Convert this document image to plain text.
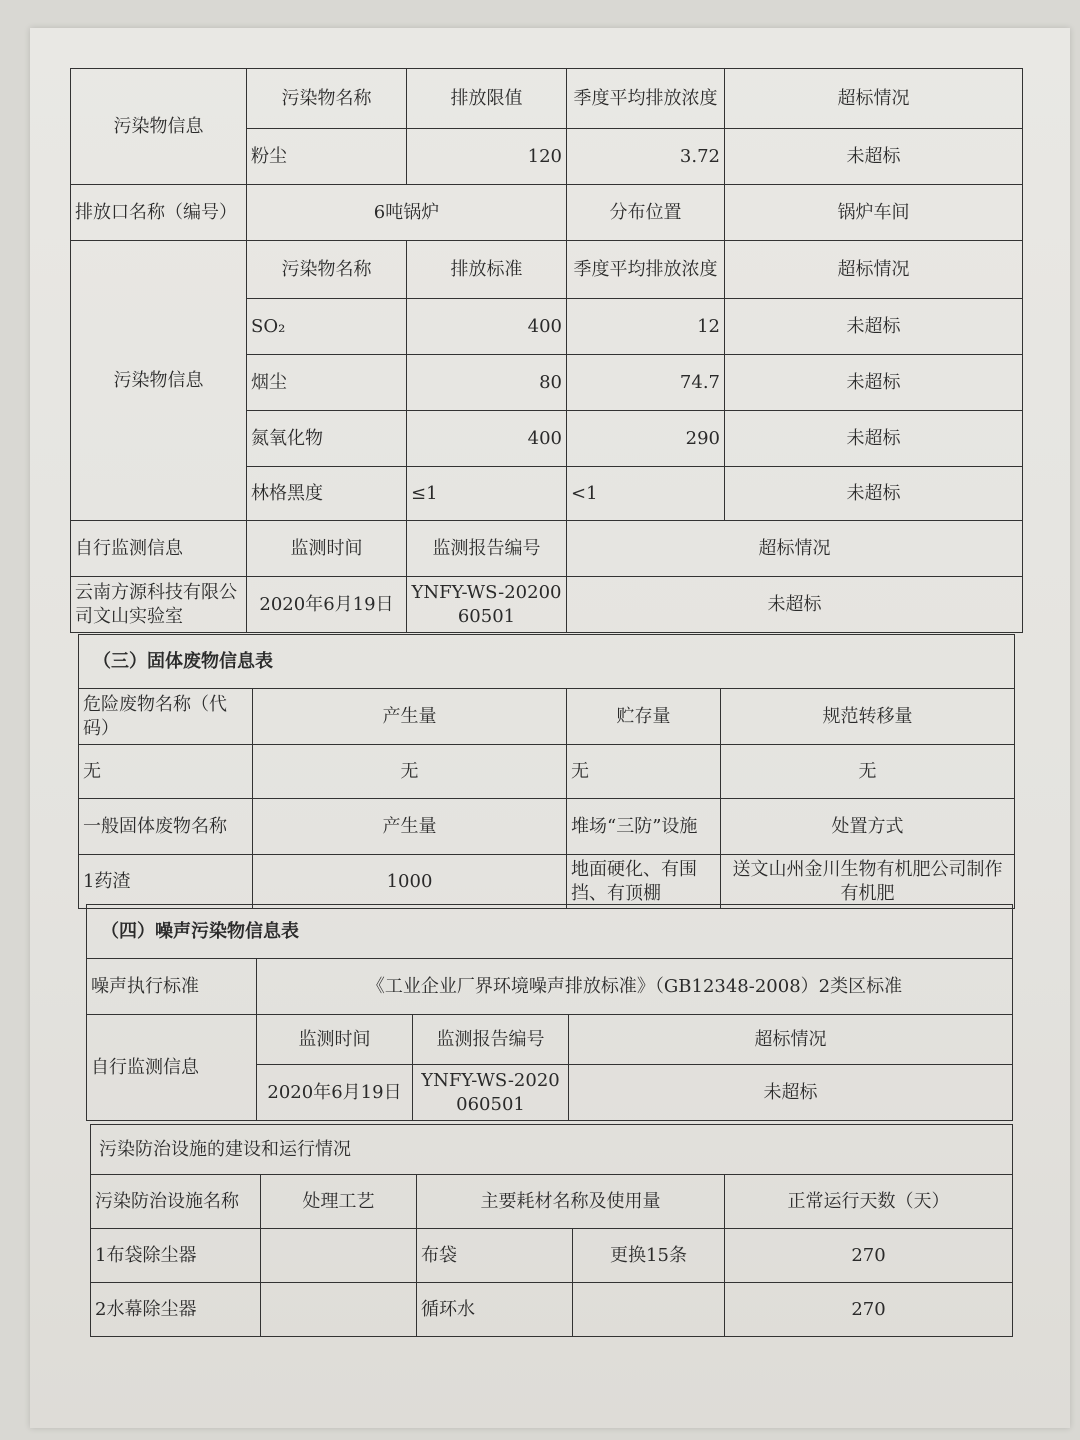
污染物信息	污染物名称	排放限值	季度平均排放浓度	超标情况
	粉尘	120	3.72	未超标
排放口名称（编号）	6吨锅炉		分布位置	锅炉车间
污染物信息	污染物名称	排放标准	季度平均排放浓度	超标情况
	SO₂	400	12	未超标
	烟尘	80	74.7	未超标
	氮氧化物	400	290	未超标
	林格黑度	≤1	<1	未超标
自行监测信息	监测时间	监测报告编号	超标情况	
云南方源科技有限公司文山实验室	2020年6月19日	YNFY-WS-2020060501	未超标	
（三）固体废物信息表			
危险废物名称（代码）	产生量	贮存量	规范转移量
无	无	无	无
一般固体废物名称	产生量	堆场“三防”设施	处置方式
1药渣	1000	地面硬化、有围挡、有顶棚	送文山州金川生物有机肥公司制作有机肥
（四）噪声污染物信息表			
噪声执行标准	《工业企业厂界环境噪声排放标准》（GB12348-2008）2类区标准		
自行监测信息	监测时间	监测报告编号	超标情况
	2020年6月19日	YNFY-WS-2020060501	未超标
污染防治设施的建设和运行情况				
污染防治设施名称	处理工艺	主要耗材名称及使用量		正常运行天数（天）
1布袋除尘器		布袋	更换15条	270
2水幕除尘器		循环水		270
